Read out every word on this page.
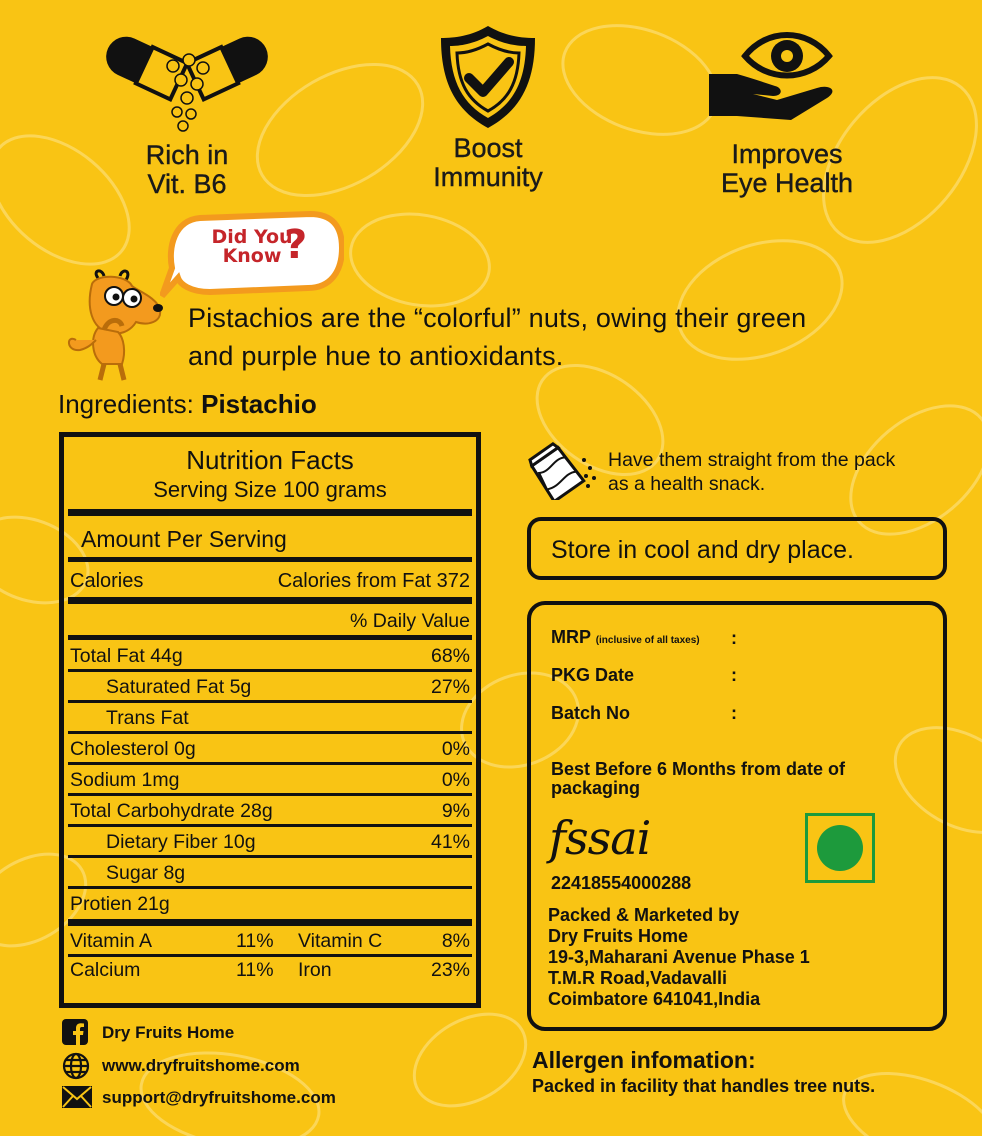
Rich in
Vit. B6
Boost
Immunity
Improves
Eye Health
Did You
Know ?
Pistachios are the “colorful” nuts, owing their green
and purple hue to antioxidants.
Ingredients: Pistachio
Nutrition Facts
Serving Size 100 grams
Amount Per Serving
Calories	Calories from Fat 372
% Daily Value
Total Fat 44g	68%
Saturated Fat 5g	27%
Trans Fat
Cholesterol 0g	0%
Sodium 1mg	0%
Total Carbohydrate 28g	9%
Dietary Fiber 10g	41%
Sugar 8g
Protien 21g
Vitamin A	11% Vitamin C	8%
Calcium	11% Iron	23%
Have them straight from the pack
as a health snack.
Store in cool and dry place.
MRP (inclusive of all taxes) :
PKG Date	:
Batch No	:
Best Before 6 Months from date of
packaging
fssai
22418554000288
Packed & Marketed by
Dry Fruits Home
19-3,Maharani Avenue Phase 1
T.M.R Road,Vadavalli
Coimbatore 641041,India
Allergen infomation:
Packed in facility that handles tree nuts.
Dry Fruits Home
www.dryfruitshome.com
support@dryfruitshome.com
